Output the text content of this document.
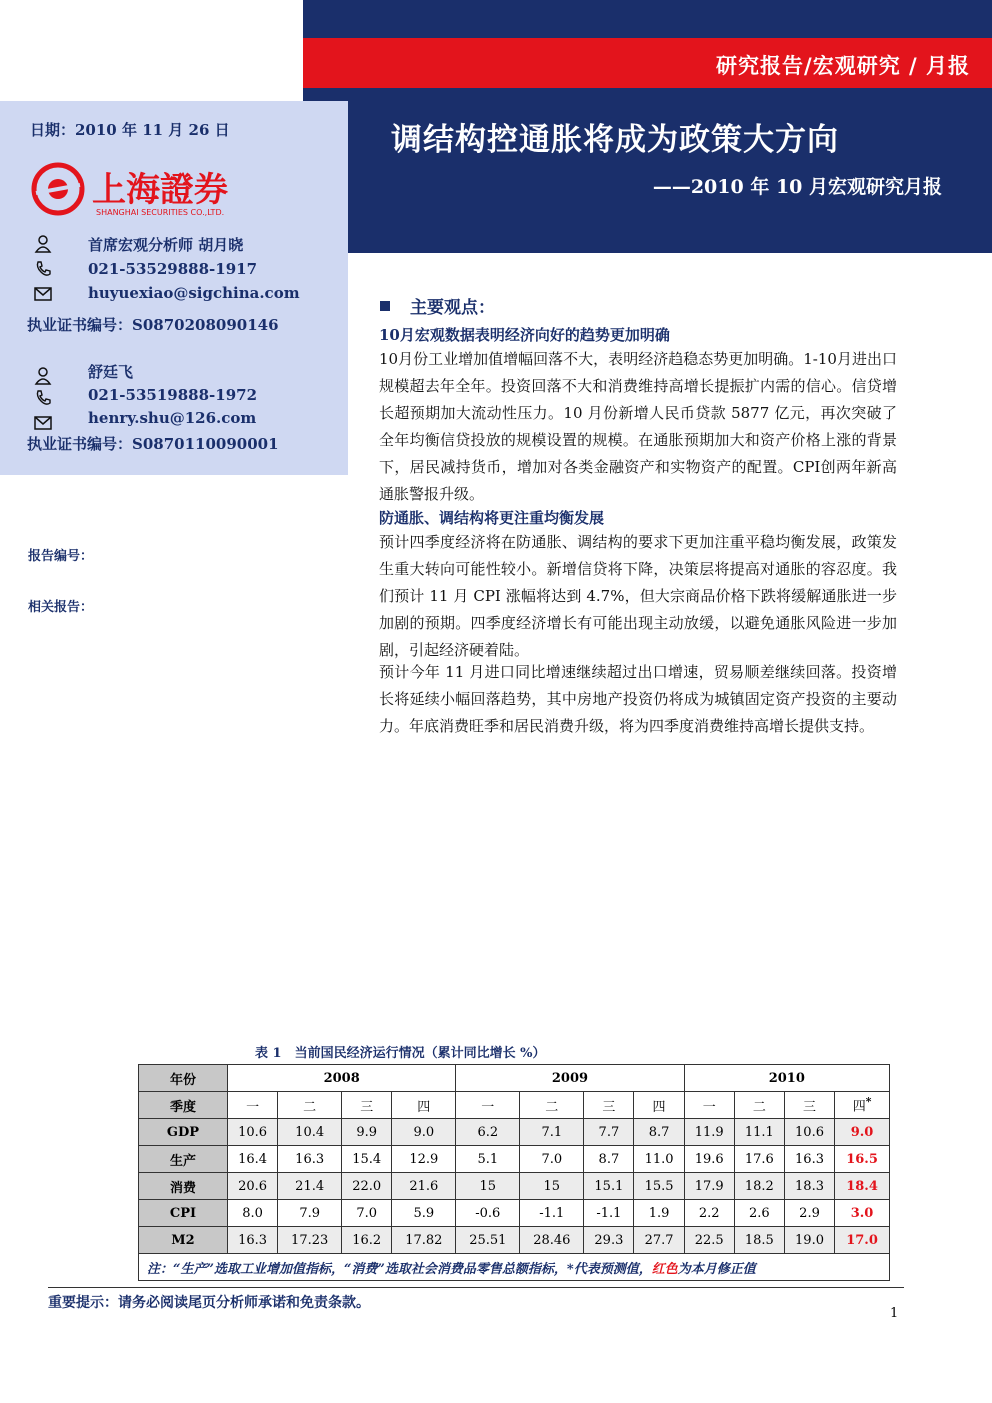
研究报告/宏观研究 / 月报
调结构控通胀将成为政策大方向
——2010 年 10 月宏观研究月报
日期：2010 年 11 月 26 日
上海證券
SHANGHAI SECURITIES CO.,LTD.
首席宏观分析师 胡月晓
021-53529888-1917
huyuexiao@sigchina.com
执业证书编号：S0870208090146
舒廷飞
021-53519888-1972
henry.shu@126.com
执业证书编号：S0870110090001
报告编号：
相关报告：
主要观点：
10月宏观数据表明经济向好的趋势更加明确
10月份工业增加值增幅回落不大，表明经济趋稳态势更加明确。1-10月进出口规模超去年全年。投资回落不大和消费维持高增长提振扩内需的信心。信贷增长超预期加大流动性压力。10 月份新增人民币贷款 5877 亿元，再次突破了全年均衡信贷投放的规模设置的规模。在通胀预期加大和资产价格上涨的背景下，居民减持货币，增加对各类金融资产和实物资产的配置。CPI创两年新高通胀警报升级。
防通胀、调结构将更注重均衡发展
预计四季度经济将在防通胀、调结构的要求下更加注重平稳均衡发展，政策发生重大转向可能性较小。新增信贷将下降，决策层将提高对通胀的容忍度。我们预计 11 月 CPI 涨幅将达到 4.7%，但大宗商品价格下跌将缓解通胀进一步加剧的预期。四季度经济增长有可能出现主动放缓，以避免通胀风险进一步加剧，引起经济硬着陆。
预计今年 11 月进口同比增速继续超过出口增速，贸易顺差继续回落。投资增长将延续小幅回落趋势，其中房地产投资仍将成为城镇固定资产投资的主要动力。年底消费旺季和居民消费升级，将为四季度消费维持高增长提供支持。
表 1　当前国民经济运行情况（累计同比增长 %）
年份	2008				2009				2010			
季度	一	二	三	四	一	二	三	四	一	二	三	四*
GDP	10.6	10.4	9.9	9.0	6.2	7.1	7.7	8.7	11.9	11.1	10.6	9.0
生产	16.4	16.3	15.4	12.9	5.1	7.0	8.7	11.0	19.6	17.6	16.3	16.5
消费	20.6	21.4	22.0	21.6	15	15	15.1	15.5	17.9	18.2	18.3	18.4
CPI	8.0	7.9	7.0	5.9	-0.6	-1.1	-1.1	1.9	2.2	2.6	2.9	3.0
M2	16.3	17.23	16.2	17.82	25.51	28.46	29.3	27.7	22.5	18.5	19.0	17.0
注：“生产”选取工业增加值指标，“消费”选取社会消费品零售总额指标，*代表预测值，红色为本月修正值												
重要提示：请务必阅读尾页分析师承诺和免责条款。
1
